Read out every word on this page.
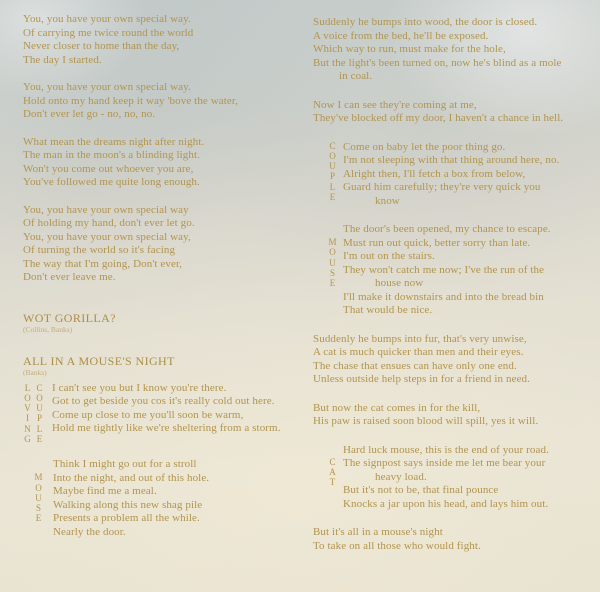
You, you have your own special way.
Of carrying me twice round the world
Never closer to home than the day,
The day I started.
You, you have your own special way.
Hold onto my hand keep it way 'bove the water,
Don't ever let go - no, no, no.
What mean the dreams night after night.
The man in the moon's a blinding light.
Won't you come out whoever you are,
You've followed me quite long enough.
You, you have your own special way
Of holding my hand, don't ever let go.
You, you have your own special way,
Of turning the world so it's facing
The way that I'm going, Don't ever,
Don't ever leave me.
WOT GORILLA?
(Collins, Banks)
ALL IN A MOUSE'S NIGHT
(Banks)
LOVING
COUPLE
I can't see you but I know you're there.
Got to get beside you cos it's really cold out here.
Come up close to me you'll soon be warm,
Hold me tightly like we're sheltering from a storm.
MOUSE
Think I might go out for a stroll
Into the night, and out of this hole.
Maybe find me a meal.
Walking along this new shag pile
Presents a problem all the while.
Nearly the door.
Suddenly he bumps into wood, the door is closed.
A voice from the bed, he'll be exposed.
Which way to run, must make for the hole,
But the light's been turned on, now he's blind as a mole
in coal.
Now I can see they're coming at me,
They've blocked off my door, I haven't a chance in hell.
COUPLE
Come on baby let the poor thing go.
I'm not sleeping with that thing around here, no.
Alright then, I'll fetch a box from below,
Guard him carefully; they're very quick you
know
MOUSE
The door's been opened, my chance to escape.
Must run out quick, better sorry than late.
I'm out on the stairs.
They won't catch me now; I've the run of the
house now
I'll make it downstairs and into the bread bin
That would be nice.
Suddenly he bumps into fur, that's very unwise,
A cat is much quicker than men and their eyes.
The chase that ensues can have only one end.
Unless outside help steps in for a friend in need.
But now the cat comes in for the kill,
His paw is raised soon blood will spill, yes it will.
CAT
Hard luck mouse, this is the end of your road.
The signpost says inside me let me bear your
heavy load.
But it's not to be, that final pounce
Knocks a jar upon his head, and lays him out.
But it's all in a mouse's night
To take on all those who would fight.
